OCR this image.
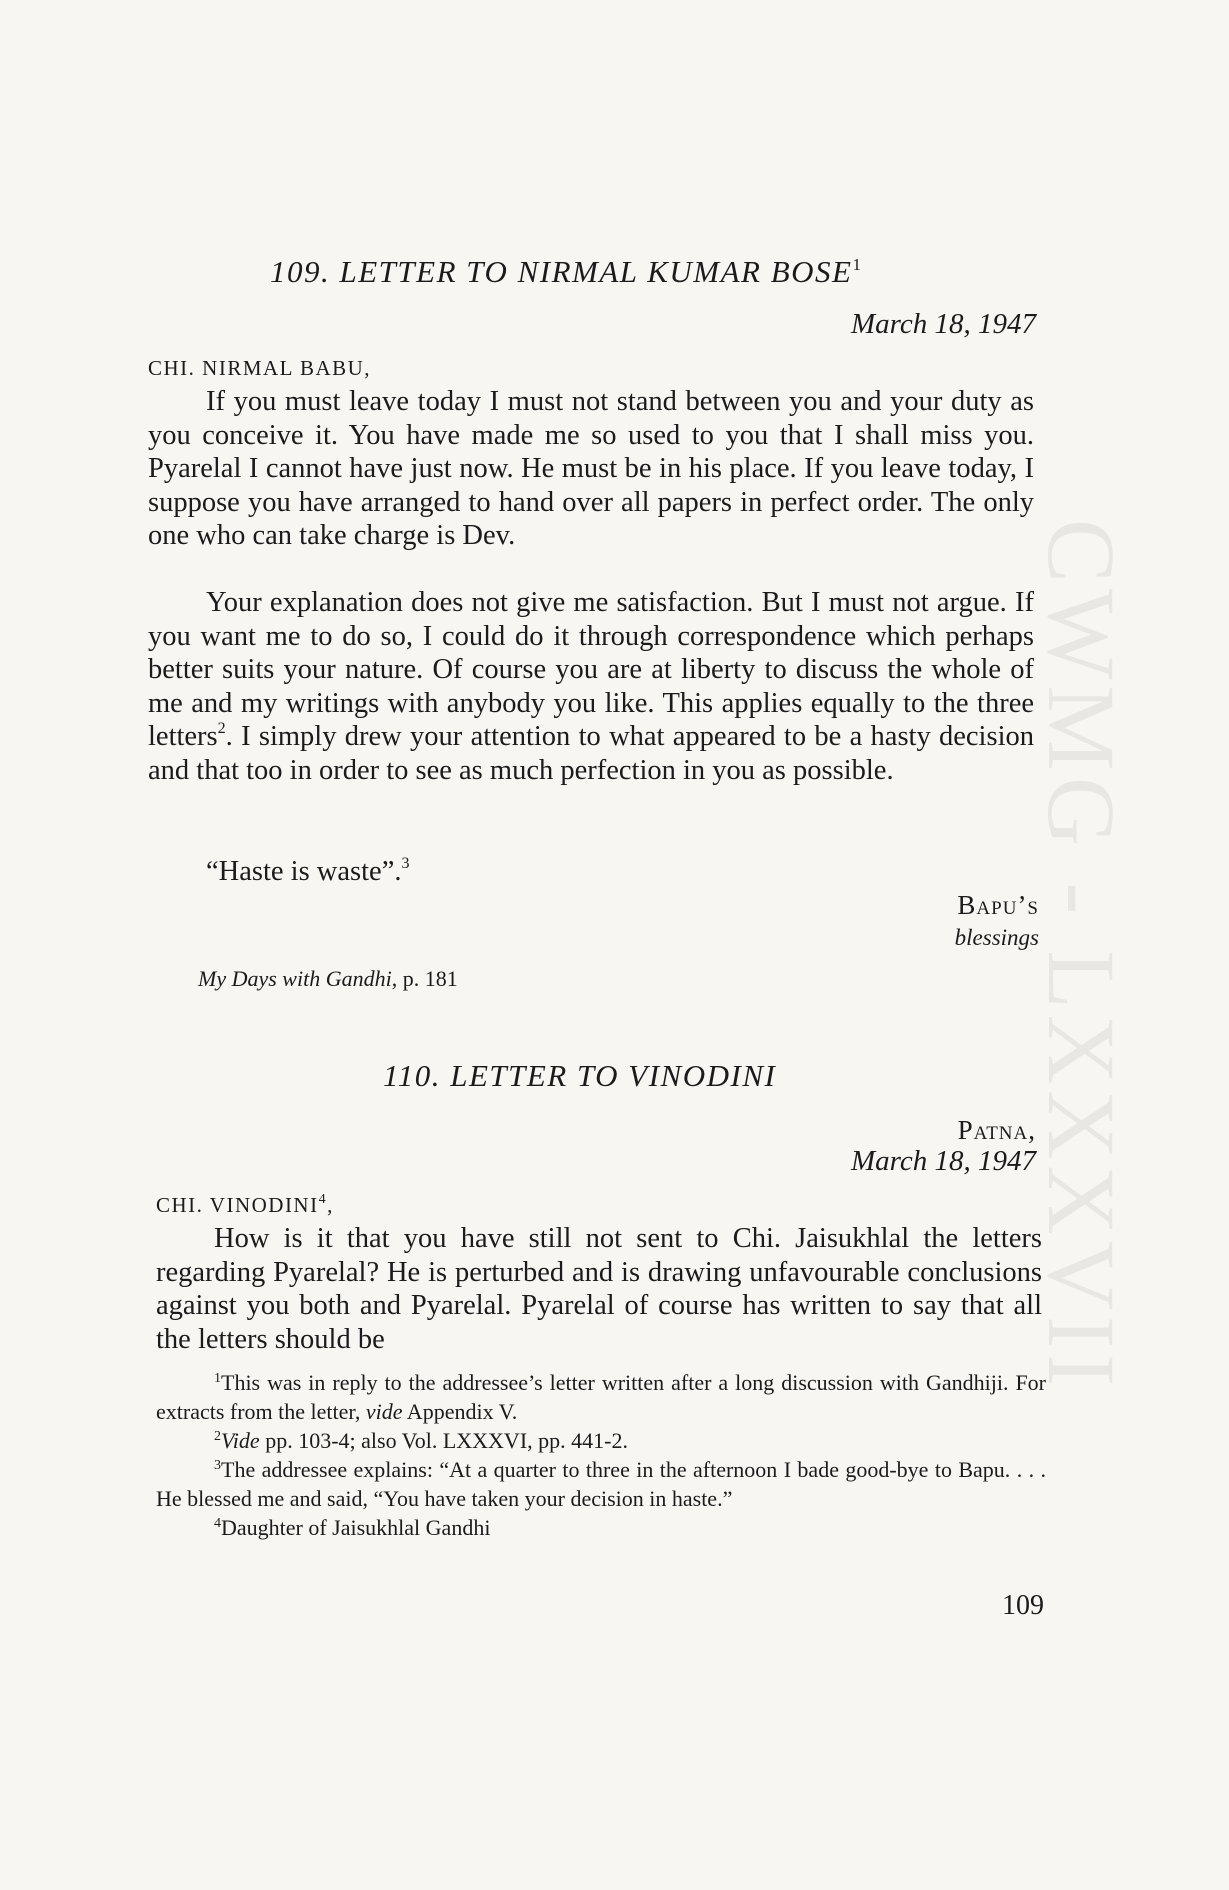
CWMG - LXXXVII
109. LETTER TO NIRMAL KUMAR BOSE$^1$
March 18, 1947
CHI. NIRMAL BABU,

If you must leave today I must not stand between you and your duty as you conceive it. You have made me so used to you that I shall miss you. Pyarelal I cannot have just now. He must be in his place. If you leave today, I suppose you have arranged to hand over all papers in perfect order. The only one who can take charge is Dev.

Your explanation does not give me satisfaction. But I must not argue. If you want me to do so, I could do it through correspondence which perhaps better suits your nature. Of course you are at liberty to discuss the whole of me and my writings with anybody you like. This applies equally to the three letters$^2$. I simply drew your attention to what appeared to be a hasty decision and that too in order to see as much perfection in you as possible.

“Haste is waste”.$^3$

Bapu’s
blessings
My Days with Gandhi, p. 181
110. LETTER TO VINODINI
Patna,
March 18, 1947
CHI. VINODINI$^4$,

How is it that you have still not sent to Chi. Jaisukhlal the letters regarding Pyarelal? He is perturbed and is drawing unfavourable conclusions against you both and Pyarelal. Pyarelal of course has written to say that all the letters should be

$^1$This was in reply to the addressee’s letter written after a long discussion with Gandhiji. For extracts from the letter, vide Appendix V.

$^2$Vide pp. 103-4; also Vol. LXXXVI, pp. 441-2.

$^3$The addressee explains: “At a quarter to three in the afternoon I bade good-bye to Bapu. . . . He blessed me and said, “You have taken your decision in haste.”

$^4$Daughter of Jaisukhlal Gandhi

109
